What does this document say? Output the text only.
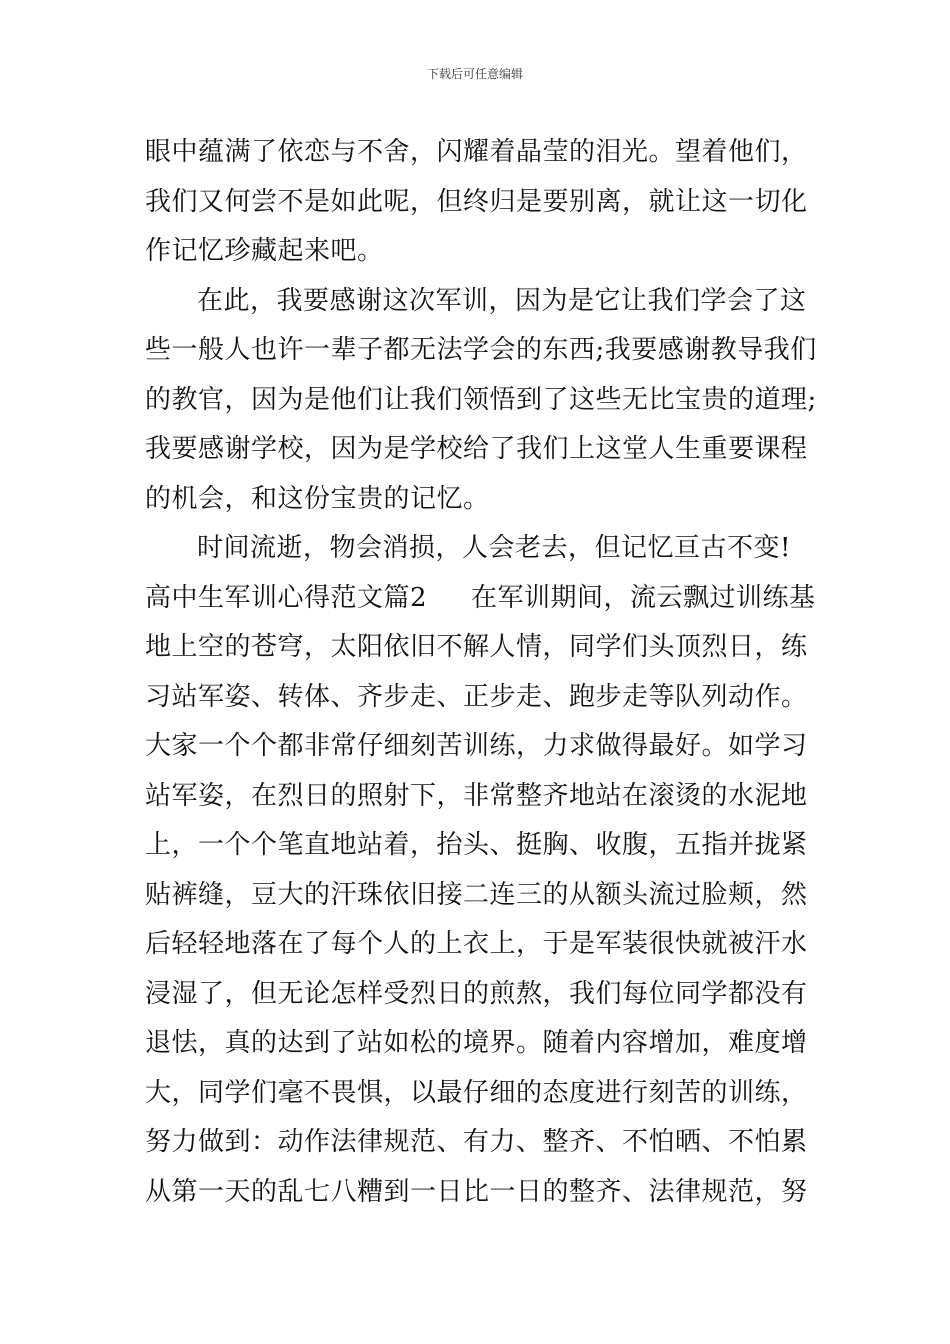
下载后可任意编辑
眼中蕴满了依恋与不舍，闪耀着晶莹的泪光。望着他们，
我们又何尝不是如此呢，但终归是要别离，就让这一切化
作记忆珍藏起来吧。
在此，我要感谢这次军训，因为是它让我们学会了这
些一般人也许一辈子都无法学会的东西;我要感谢教导我们
的教官，因为是他们让我们领悟到了这些无比宝贵的道理;
我要感谢学校，因为是学校给了我们上这堂人生重要课程
的机会，和这份宝贵的记忆。
时间流逝，物会消损，人会老去，但记忆亘古不变!
高中生军训心得范文篇2 在军训期间，流云飘过训练基
地上空的苍穹，太阳依旧不解人情，同学们头顶烈日，练
习站军姿、转体、齐步走、正步走、跑步走等队列动作。
大家一个个都非常仔细刻苦训练，力求做得最好。如学习
站军姿，在烈日的照射下，非常整齐地站在滚烫的水泥地
上，一个个笔直地站着，抬头、挺胸、收腹，五指并拢紧
贴裤缝，豆大的汗珠依旧接二连三的从额头流过脸颊，然
后轻轻地落在了每个人的上衣上，于是军装很快就被汗水
浸湿了，但无论怎样受烈日的煎熬，我们每位同学都没有
退怯，真的达到了站如松的境界。随着内容增加，难度增
大，同学们毫不畏惧，以最仔细的态度进行刻苦的训练，
努力做到：动作法律规范、有力、整齐、不怕晒、不怕累
从第一天的乱七八糟到一日比一日的整齐、法律规范，努
